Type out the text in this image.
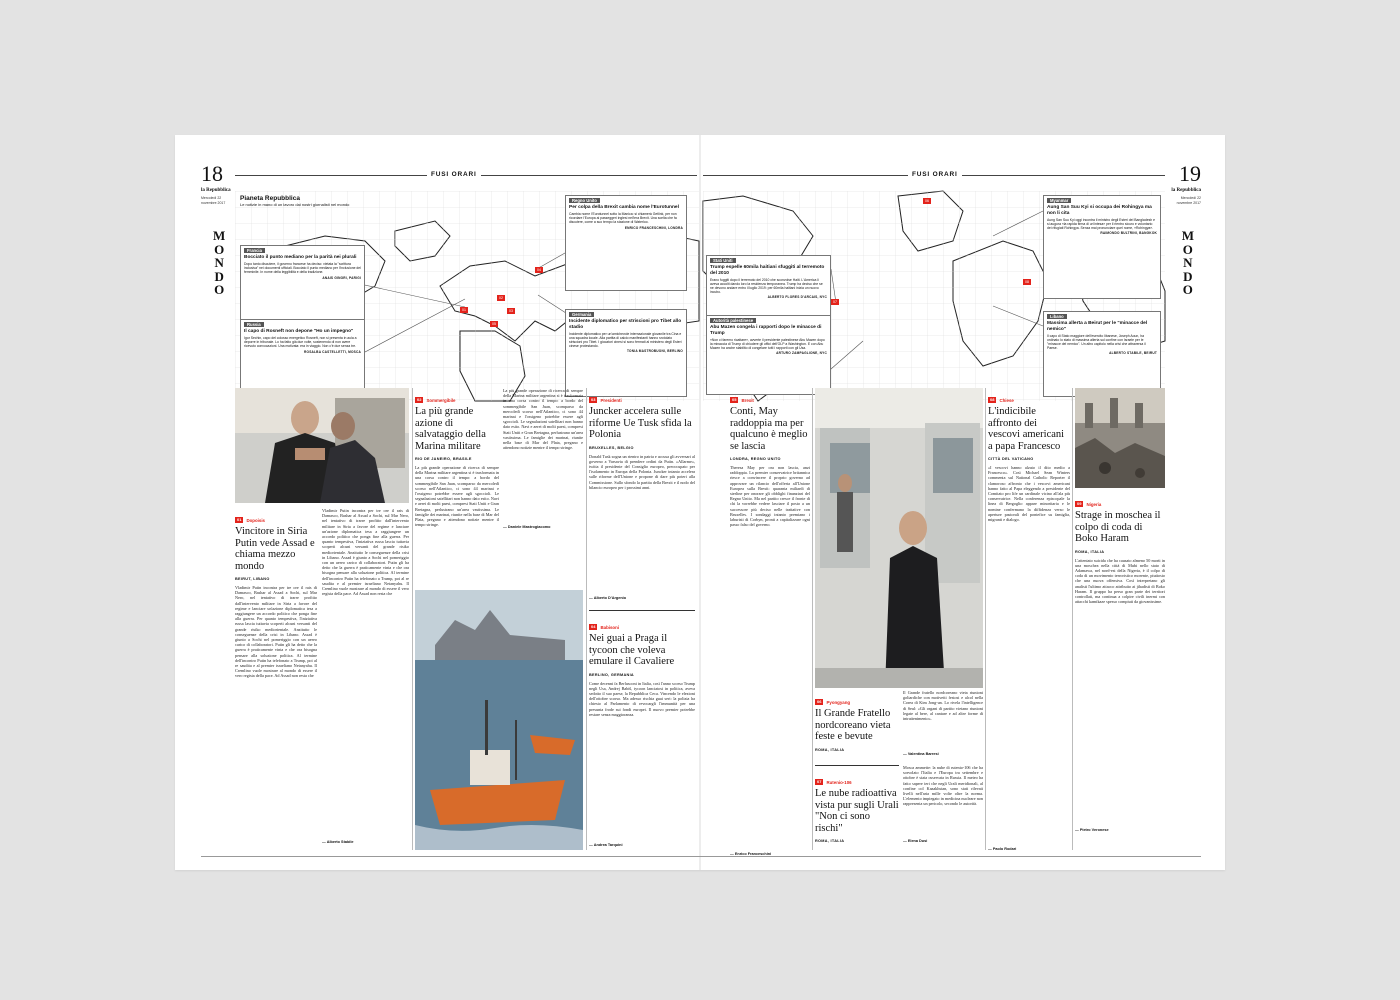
18
la Repubblica
Mercoledì 22 novembre 2017
M
O
N
D
O
19
la Repubblica
Mercoledì 22 novembre 2017
M
O
N
D
O
FUSI ORARI	FUSI ORARI
01
02
03
04
05
Pianeta Repubblica
Le notizie in mano di un lavoro dai nostri giornalisti nel mondo
Francia
Bocciato il punto mediano per la parità nei plurali
Dopo tanto discutere, il governo francese ha deciso: vietata la "scrittura inclusiva" nei documenti ufficiali. Bocciato il punto mediano per l'inclusione del femminile. In nome della leggibilità e della tradizione.
ANAIS GINORI, PARIGI
Russia
Il capo di Rosneft non depone "Ho un impegno"
Igor Sechin, capo del colosso energetico Rosneft, non si presenta in aula a deporre in tribunale. Lo ha fatto già due volte, sostenendo di non avere ricevuto convocazioni. Una motivata: era in viaggio. Non c'è due senza tre.
ROSALBA CASTELLETTI, MOSCA
Regno Unito
Per colpa della Brexit cambia nome l'Eurotunnel
Cambia nome l'Eurotunnel sotto la Manica: si chiamerà Getlink, per non ricordare l'Europa ai passeggeri inglesi nell'era Brexit. Una scelta che fa discutere, come a suo tempo la stazione di Waterloo.
ENRICO FRANCESCHINI, LONDRA
Germania
Incidente diplomatico per striscioni pro Tibet allo stadio
Incidente diplomatico per un'amichevole internazionale giovanile tra Cina e una squadra locale. Alla partita di calcio manifestanti hanno srotolato striscioni pro Tibet. I giocatori cinesi si sono fermati al ministero degli Esteri cinese protestando.
TONIA MASTROBUONI, BERLINO
06
07
08
Stati Uniti
Trump espelle 60mila haitiani sfuggiti al terremoto del 2010
Erano fuggiti dopo il terremoto del 2010 che sconvolse Haiti. L'America li aveva accolti dando loro la residenza temporanea. Trump ha deciso che se ne devono andare entro il luglio 2019: per 60mila haitiani inizia un nuovo incubo.
ALBERTO FLORES D'ARCAIS, NYC
Autorità palestinese
Abu Mazen congela i rapporti dopo le minacce di Trump
«Non ci faremo ricattare», avverte il presidente palestinese Abu Mazen dopo la minaccia di Trump di chiudere gli uffici dell'OLP a Washington. E con Abu Mazen ha anche stabilito di congelare tutti i rapporti con gli Usa.
ARTURO ZAMPAGLIONE, NYC
Myanmar
Aung San Suu Kyi si occupa dei Rohingya ma non li cita
Aung San Suu Kyi oggi incontra il ministro degli Esteri del Bangladesh e si augura «la rapida firma di un'intesa» per il rientro sicuro e volontario dei rifugiati Rohingya. Senza mai pronunciare quel nome, «Rohingya».
RAIMONDO BULTRINI, BANGKOK
Libano
Massima allerta a Beirut per le "minacce del nemico"
Il capo di Stato maggiore dell'esercito libanese, Joseph Aoun, ha ordinato lo stato di massima allerta sul confine con Israele per le "minacce del nemico". Un altro capitolo nella crisi che attraversa il Paese.
ALBERTO STABILE, BEIRUT
01	Dopoisis
Vincitore in Siria Putin vede Assad e chiama mezzo mondo
BEIRUT, LIBANO
Vladimir Putin incontra per tre ore il rais di Damasco, Bashar al Assad a Sochi, sul Mar Nero, nel tentativo di trarre profitto dall'intervento militare in Siria a favore del regime e lanciare un'azione diplomatica tesa a raggiungere un accordo politico che ponga fine alla guerra. Per quanto tempestiva, l'iniziativa russa lascia tuttavia scoperti alcuni versanti del grande risiko mediorientale. Anzitutto le conseguenze della crisi in Libano. Assad è giunto a Sochi nel pomeriggio con un aereo carico di collaboratori. Putin gli ha detto che la guerra è praticamente vinta e che ora bisogna pensare alla soluzione politica. Al termine dell'incontro Putin ha telefonato a Trump, poi al re saudita e al premier israeliano Netanyahu. Il Cremlino vuole mostrare al mondo di essere il vero regista della pace. Ad Assad non resta che
Vladimir Putin incontra per tre ore il rais di Damasco, Bashar al Assad a Sochi, sul Mar Nero, nel tentativo di trarre profitto dall'intervento militare in Siria a favore del regime e lanciare un'azione diplomatica tesa a raggiungere un accordo politico che ponga fine alla guerra. Per quanto tempestiva, l'iniziativa russa lascia tuttavia scoperti alcuni versanti del grande risiko mediorientale. Anzitutto le conseguenze della crisi in Libano. Assad è giunto a Sochi nel pomeriggio con un aereo carico di collaboratori. Putin gli ha detto che la guerra è praticamente vinta e che ora bisogna pensare alla soluzione politica. Al termine dell'incontro Putin ha telefonato a Trump, poi al re saudita e al premier israeliano Netanyahu. Il Cremlino vuole mostrare al mondo di essere il vero regista della pace. Ad Assad non resta che
— Alberto Stabile
02	Sommergibile
La più grande azione di salvataggio della Marina militare
RIO DE JANEIRO, BRASILE
La più grande operazione di ricerca di sempre della Marina militare argentina si è trasformata in una corsa contro il tempo: a bordo del sommergibile San Juan, scomparso da mercoledì scorso nell'Atlantico, ci sono 44 marinai e l'ossigeno potrebbe essere agli sgoccioli. Le segnalazioni satellitari non hanno dato esito. Navi e aerei di molti paesi, compresi Stati Uniti e Gran Bretagna, perlustrano un'area vastissima. Le famiglie dei marinai, riunite nella base di Mar del Plata, pregano e attendono notizie mentre il tempo stringe.
La più grande operazione di ricerca di sempre della Marina militare argentina si è trasformata in una corsa contro il tempo: a bordo del sommergibile San Juan, scomparso da mercoledì scorso nell'Atlantico, ci sono 44 marinai e l'ossigeno potrebbe essere agli sgoccioli. Le segnalazioni satellitari non hanno dato esito. Navi e aerei di molti paesi, compresi Stati Uniti e Gran Bretagna, perlustrano un'area vastissima. Le famiglie dei marinai, riunite nella base di Mar del Plata, pregano e attendono notizie mentre il tempo stringe.
— Daniele Mastrogiacomo
03	Presidenti
Juncker accelera sulle riforme Ue Tusk sfida la Polonia
BRUXELLES, BELGIO
Donald Tusk sogna un rientro in patria e accusa gli avversari al governo a Varsavia di prendere ordini da Putin. «Allarme», twitta il presidente del Consiglio europeo, preoccupato per l'isolamento in Europa della Polonia. Juncker intanto accelera sulle riforme dell'Unione e propone di dare più poteri alla Commissione. Sullo sfondo la partita della Brexit e il nodo del bilancio europeo per i prossimi anni.
— Alberto D'Argenio
04	Babisoni
Nei guai a Praga il tycoon che voleva emulare il Cavaliere
BERLINO, GERMANIA
Come decenni fa Berlusconi in Italia, così l'anno scorso Trump negli Usa, Andrej Babiš, tycoon lanciatosi in politica, aveva sedotto il suo paese, la Repubblica Ceca. Vincendo le elezioni dell'ottobre scorso. Ma adesso rischia guai seri: la polizia ha chiesto al Parlamento di revocargli l'immunità per una presunta frode sui fondi europei. Il nuovo premier potrebbe restare senza maggioranza.
— Andrea Tarquini
05	Brexit
Conti, May raddoppia ma per qualcuno è meglio se lascia
LONDRA, REGNO UNITO
Theresa May per ora non lascia, anzi raddoppia. La premier conservatrice britannica riesce a convincere il proprio governo ad approvare un rilancio dell'offerta all'Unione Europea sulla Brexit: quaranta miliardi di sterline per onorare gli obblighi finanziari del Regno Unito. Ma nel partito cresce il fronte di chi la vorrebbe vedere lasciare il posto a un successore più deciso nelle trattative con Bruxelles. I sondaggi intanto premiano i laburisti di Corbyn, pronti a capitalizzare ogni passo falso del governo.
— Enrico Franceschini
06	Pyongyang
Il Grande Fratello nordcoreano vieta feste e bevute
ROMA, ITALIA
Il Grande fratello nordcoreano vieta riunioni goliardiche con motivetti festosi e alcol nella Corea di Kim Jong-un. Lo rivela l'intelligence di Seul: «Gli organi di partito vietano riunioni legate al bere, al cantare e ad altre forme di intrattenimento».
— Valentina Barresi
07	Rutenio-106
Le nube radioattiva vista pur sugli Urali "Non ci sono rischi"
ROMA, ITALIA
Mosca ammette: la nube di rutenio-106 che ha sorvolato l'Italia e l'Europa tra settembre e ottobre è stata osservata in Russia. Il meteo ha fatto sapere ieri che negli Urali meridionali, al confine col Kazakhstan, sono stati rilevati livelli nell'aria mille volte oltre la norma. L'elemento impiegato in medicina nucleare non rappresenta un pericolo, secondo le autorità.
— Elena Dusi
08	Chiese
L'indicibile affronto dei vescovi americani a papa Francesco
CITTÀ DEL VATICANO
«I vescovi hanno alzato il dito medio a Francesco». Così Michael Sean Winters commenta sul National Catholic Reporter il clamoroso affronto che i vescovi americani hanno fatto al Papa eleggendo a presidente del Comitato pro life un cardinale vicino all'ala più conservatrice. Nella conferenza episcopale la linea di Bergoglio appare minoritaria e le nomine confermano la diffidenza verso le aperture pastorali del pontefice su famiglia, migranti e dialogo.
— Paolo Rodari
09	Nigeria
Strage in moschea il colpo di coda di Boko Haram
ROMA, ITALIA
L'attentato suicida che ha causato almeno 50 morti in una moschea nella città di Mubi nello stato di Adamawa, nel nord-est della Nigeria, è il colpo di coda di un movimento terroristico morente, piuttosto che una nuova offensiva. Così interpretano gli analisti l'ultimo attacco attribuito ai jihadisti di Boko Haram. Il gruppo ha perso gran parte dei territori controllati, ma continua a colpire civili inermi con attacchi kamikaze spesso compiuti da giovanissime.
— Pietro Veronese
